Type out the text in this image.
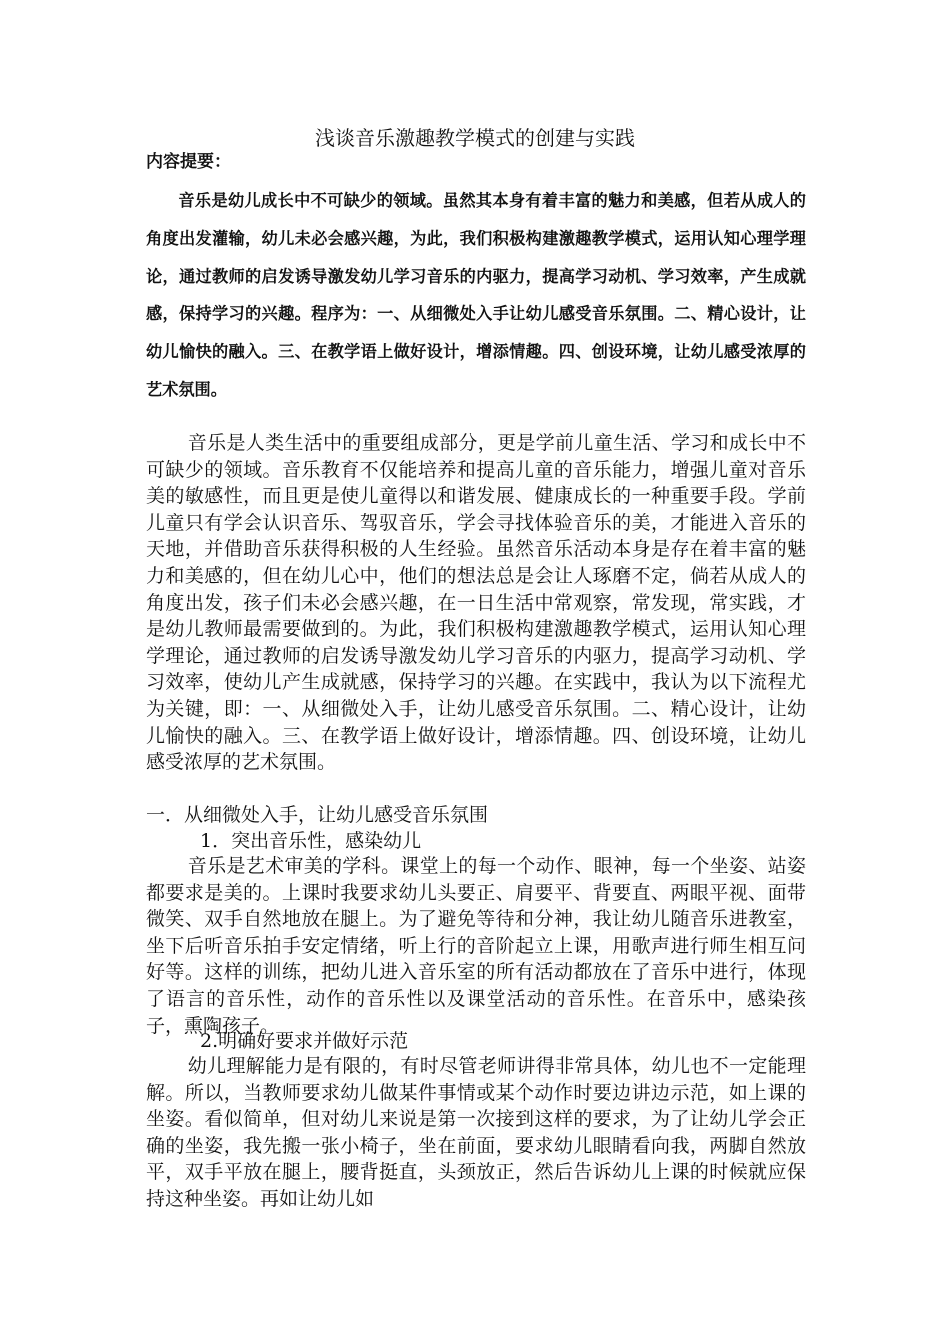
浅谈音乐激趣教学模式的创建与实践
内容提要：

音乐是幼儿成长中不可缺少的领域。虽然其本身有着丰富的魅力和美感，但若从成人的角度出发灌输，幼儿未必会感兴趣，为此，我们积极构建激趣教学模式，运用认知心理学理论，通过教师的启发诱导激发幼儿学习音乐的内驱力，提高学习动机、学习效率，产生成就感，保持学习的兴趣。程序为：一、从细微处入手让幼儿感受音乐氛围。二、精心设计，让幼儿愉快的融入。三、在教学语上做好设计，增添情趣。四、创设环境，让幼儿感受浓厚的艺术氛围。

音乐是人类生活中的重要组成部分，更是学前儿童生活、学习和成长中不可缺少的领域。音乐教育不仅能培养和提高儿童的音乐能力，增强儿童对音乐美的敏感性，而且更是使儿童得以和谐发展、健康成长的一种重要手段。学前儿童只有学会认识音乐、驾驭音乐，学会寻找体验音乐的美，才能进入音乐的天地，并借助音乐获得积极的人生经验。虽然音乐活动本身是存在着丰富的魅力和美感的，但在幼儿心中，他们的想法总是会让人琢磨不定，倘若从成人的角度出发，孩子们未必会感兴趣，在一日生活中常观察，常发现，常实践，才是幼儿教师最需要做到的。为此，我们积极构建激趣教学模式，运用认知心理学理论，通过教师的启发诱导激发幼儿学习音乐的内驱力，提高学习动机、学习效率，使幼儿产生成就感，保持学习的兴趣。在实践中，我认为以下流程尤为关键，即：一、从细微处入手，让幼儿感受音乐氛围。二、精心设计，让幼儿愉快的融入。三、在教学语上做好设计，增添情趣。四、创设环境，让幼儿感受浓厚的艺术氛围。

一．从细微处入手，让幼儿感受音乐氛围
1．突出音乐性，感染幼儿

音乐是艺术审美的学科。课堂上的每一个动作、眼神，每一个坐姿、站姿都要求是美的。上课时我要求幼儿头要正、肩要平、背要直、两眼平视、面带微笑、双手自然地放在腿上。为了避免等待和分神，我让幼儿随音乐进教室，坐下后听音乐拍手安定情绪，听上行的音阶起立上课，用歌声进行师生相互问好等。这样的训练，把幼儿进入音乐室的所有活动都放在了音乐中进行，体现了语言的音乐性，动作的音乐性以及课堂活动的音乐性。在音乐中，感染孩子，熏陶孩子。

2.明确好要求并做好示范

幼儿理解能力是有限的，有时尽管老师讲得非常具体，幼儿也不一定能理解。所以，当教师要求幼儿做某件事情或某个动作时要边讲边示范，如上课的坐姿。看似简单，但对幼儿来说是第一次接到这样的要求，为了让幼儿学会正确的坐姿，我先搬一张小椅子，坐在前面，要求幼儿眼睛看向我，两脚自然放平，双手平放在腿上，腰背挺直，头颈放正，然后告诉幼儿上课的时候就应保持这种坐姿。再如让幼儿如
